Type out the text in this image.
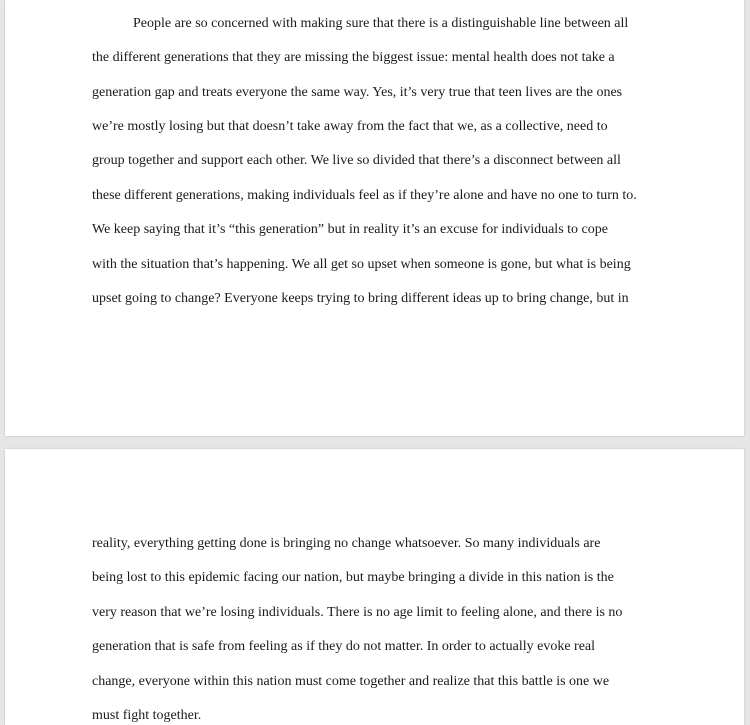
People are so concerned with making sure that there is a distinguishable line between all
the different generations that they are missing the biggest issue: mental health does not take a
generation gap and treats everyone the same way. Yes, it’s very true that teen lives are the ones
we’re mostly losing but that doesn’t take away from the fact that we, as a collective, need to
group together and support each other. We live so divided that there’s a disconnect between all
these different generations, making individuals feel as if they’re alone and have no one to turn to.
We keep saying that it’s “this generation” but in reality it’s an excuse for individuals to cope
with the situation that’s happening. We all get so upset when someone is gone, but what is being
upset going to change? Everyone keeps trying to bring different ideas up to bring change, but in
reality, everything getting done is bringing no change whatsoever. So many individuals are
being lost to this epidemic facing our nation, but maybe bringing a divide in this nation is the
very reason that we’re losing individuals. There is no age limit to feeling alone, and there is no
generation that is safe from feeling as if they do not matter. In order to actually evoke real
change, everyone within this nation must come together and realize that this battle is one we
must fight together.
